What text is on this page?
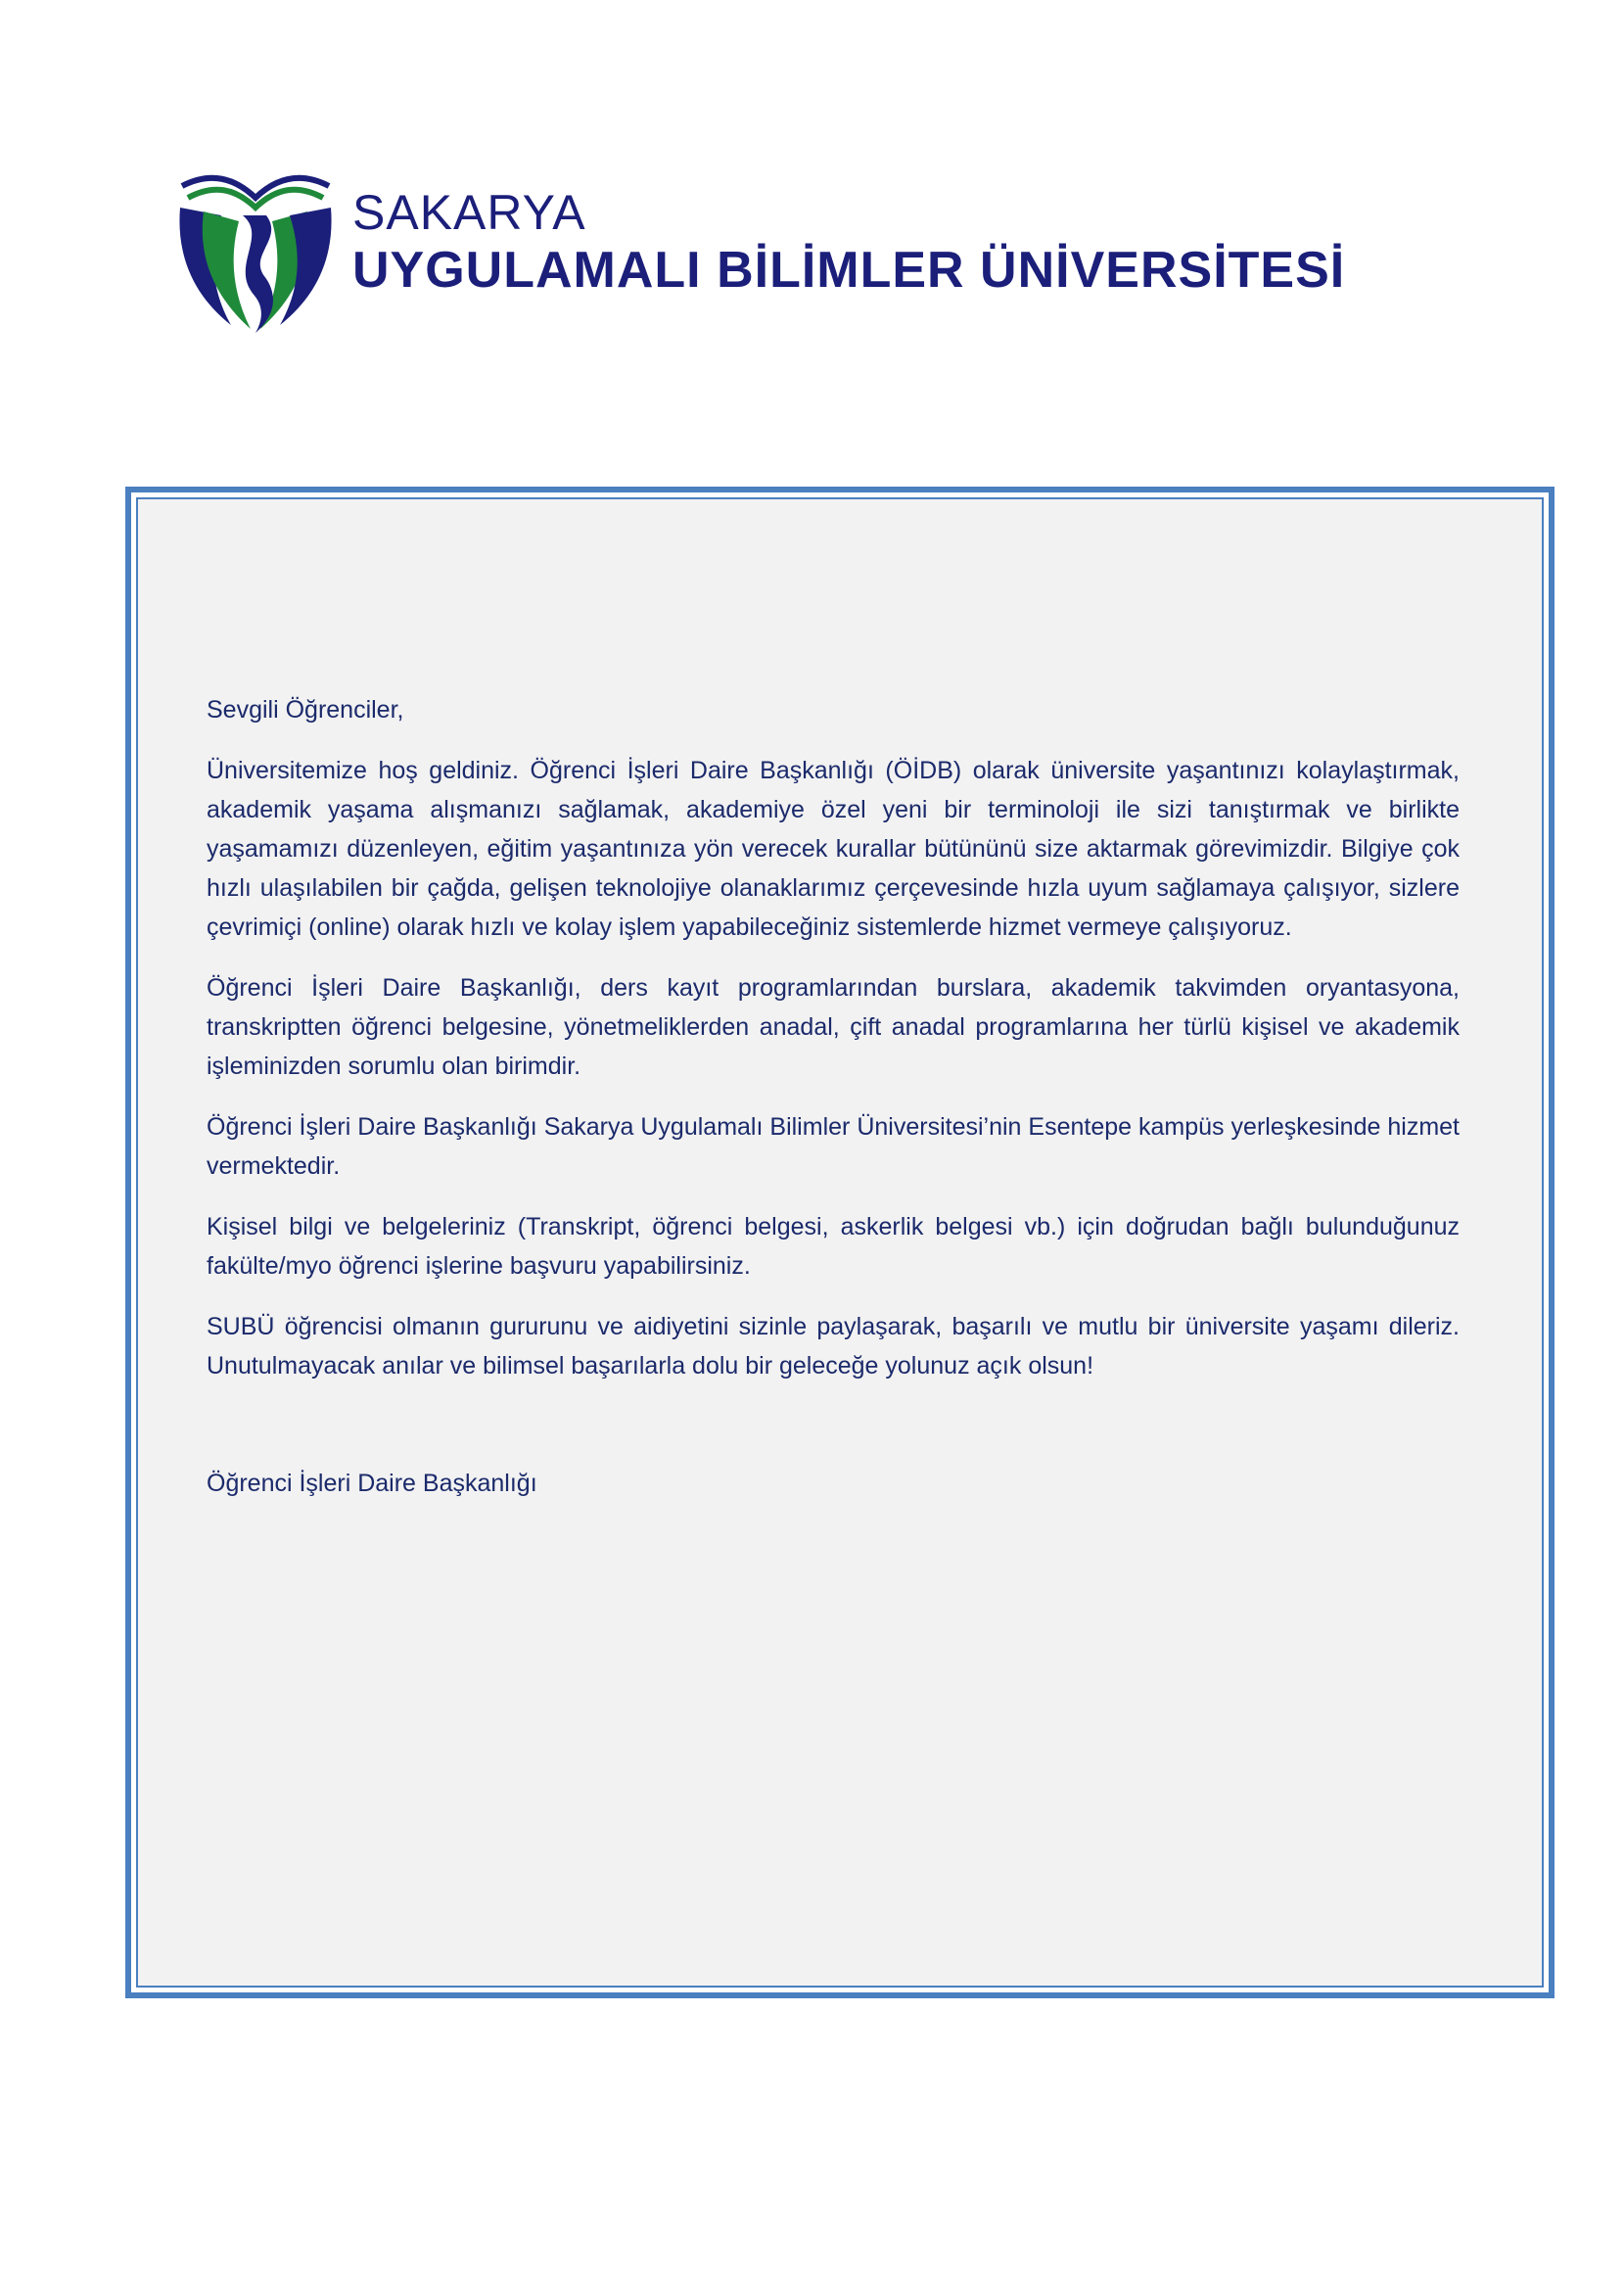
SAKARYA
UYGULAMALI BİLİMLER ÜNİVERSİTESİ

Sevgili Öğrenciler,

Üniversitemize hoş geldiniz. Öğrenci İşleri Daire Başkanlığı (ÖİDB) olarak üniversite yaşantınızı kolaylaştırmak, akademik yaşama alışmanızı sağlamak, akademiye özel yeni bir terminoloji ile sizi tanıştırmak ve birlikte yaşamamızı düzenleyen, eğitim yaşantınıza yön verecek kurallar bütününü size aktarmak görevimizdir. Bilgiye çok hızlı ulaşılabilen bir çağda, gelişen teknolojiye olanaklarımız çerçevesinde hızla uyum sağlamaya çalışıyor, sizlere çevrimiçi (online) olarak hızlı ve kolay işlem yapabileceğiniz sistemlerde hizmet vermeye çalışıyoruz.

Öğrenci İşleri Daire Başkanlığı, ders kayıt programlarından burslara, akademik takvimden oryantasyona, transkriptten öğrenci belgesine, yönetmeliklerden anadal, çift anadal programlarına her türlü kişisel ve akademik işleminizden sorumlu olan birimdir.

Öğrenci İşleri Daire Başkanlığı Sakarya Uygulamalı Bilimler Üniversitesi’nin Esentepe kampüs yerleşkesinde hizmet vermektedir.

Kişisel bilgi ve belgeleriniz (Transkript, öğrenci belgesi, askerlik belgesi vb.) için doğrudan bağlı bulunduğunuz fakülte/myo öğrenci işlerine başvuru yapabilirsiniz.

SUBÜ öğrencisi olmanın gururunu ve aidiyetini sizinle paylaşarak, başarılı ve mutlu bir üniversite yaşamı dileriz. Unutulmayacak anılar ve bilimsel başarılarla dolu bir geleceğe yolunuz açık olsun!

Öğrenci İşleri Daire Başkanlığı
